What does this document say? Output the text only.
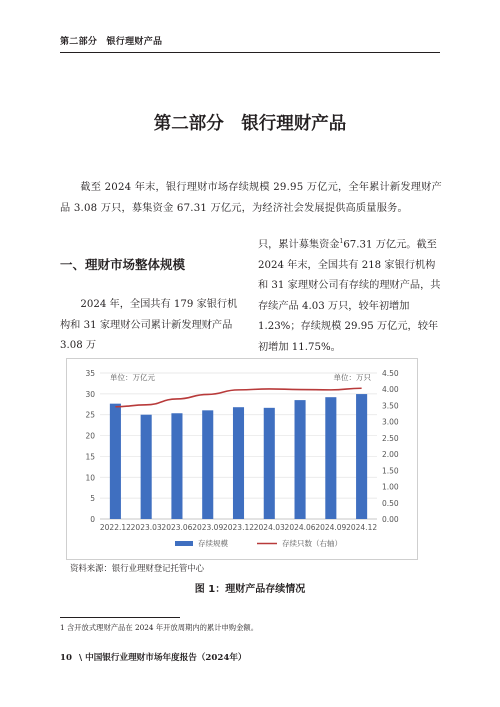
第二部分　银行理财产品
第二部分　银行理财产品

截至 2024 年末，银行理财市场存续规模 29.95 万亿元，全年累计新发理财产品 3.08 万只，募集资金 67.31 万亿元，为经济社会发展提供高质量服务。

一、理财市场整体规模

2024 年，全国共有 179 家银行机构和 31 家理财公司累计新发理财产品 3.08 万

只，累计募集资金$^1$67.31 万亿元。截至 2024 年末，全国共有 218 家银行机构和 31 家理财公司有存续的理财产品，共存续产品 4.03 万只，较年初增加 1.23%；存续规模 29.95 万亿元，较年初增加 11.75%。

0
5
10
15
20
25
30
35
0.00
0.50
1.00
1.50
2.00
2.50
3.00
3.50
4.00
4.50
单位：万亿元	单位：万只
2022.12 2023.03 2023.06 2023.09 2023.12 2024.03 2024.06 2024.09 2024.12
存续规模	存续只数（右轴）
资料来源：银行业理财登记托管中心
图 1：理财产品存续情况
1 含开放式理财产品在 2024 年开放周期内的累计申购金额。
10 \ 中国银行业理财市场年度报告（2024年）
